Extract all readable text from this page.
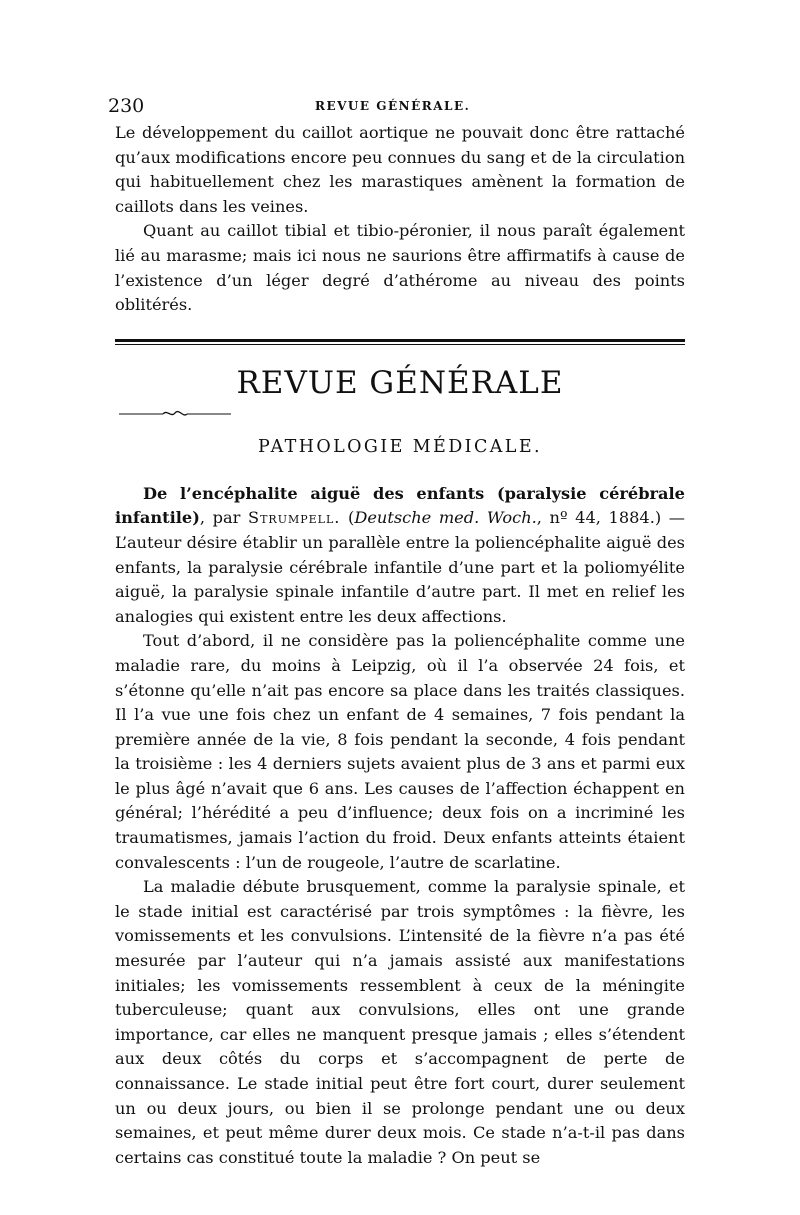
230	REVUE GÉNÉRALE.

Le développement du caillot aortique ne pouvait donc être rattaché qu’aux modifications encore peu connues du sang et de la circulation qui habituellement chez les marastiques amènent la formation de caillots dans les veines.

Quant au caillot tibial et tibio-péronier, il nous paraît également lié au marasme; mais ici nous ne saurions être affirmatifs à cause de l’existence d’un léger degré d’athérome au niveau des points oblitérés.

REVUE GÉNÉRALE
PATHOLOGIE MÉDICALE.

De l’encéphalite aiguë des enfants (paralysie cérébrale infantile), par Strumpell. (Deutsche med. Woch., nº 44, 1884.) — L’auteur désire établir un parallèle entre la poliencéphalite aiguë des enfants, la paralysie cérébrale infantile d’une part et la poliomyélite aiguë, la paralysie spinale infantile d’autre part. Il met en relief les analogies qui existent entre les deux affections.

Tout d’abord, il ne considère pas la poliencéphalite comme une maladie rare, du moins à Leipzig, où il l’a observée 24 fois, et s’étonne qu’elle n’ait pas encore sa place dans les traités classiques. Il l’a vue une fois chez un enfant de 4 semaines, 7 fois pendant la première année de la vie, 8 fois pendant la seconde, 4 fois pendant la troisième : les 4 derniers sujets avaient plus de 3 ans et parmi eux le plus âgé n’avait que 6 ans. Les causes de l’affection échappent en général; l’hérédité a peu d’influence; deux fois on a incriminé les traumatismes, jamais l’action du froid. Deux enfants atteints étaient convalescents : l’un de rougeole, l’autre de scarlatine.

La maladie débute brusquement, comme la paralysie spinale, et le stade initial est caractérisé par trois symptômes : la fièvre, les vomissements et les convulsions. L’intensité de la fièvre n’a pas été mesurée par l’auteur qui n’a jamais assisté aux manifestations initiales; les vomissements ressemblent à ceux de la méningite tuberculeuse; quant aux convulsions, elles ont une grande importance, car elles ne manquent presque jamais ; elles s’étendent aux deux côtés du corps et s’accompagnent de perte de connaissance. Le stade initial peut être fort court, durer seulement un ou deux jours, ou bien il se prolonge pendant une ou deux semaines, et peut même durer deux mois. Ce stade n’a-t-il pas dans certains cas constitué toute la maladie ? On peut se
